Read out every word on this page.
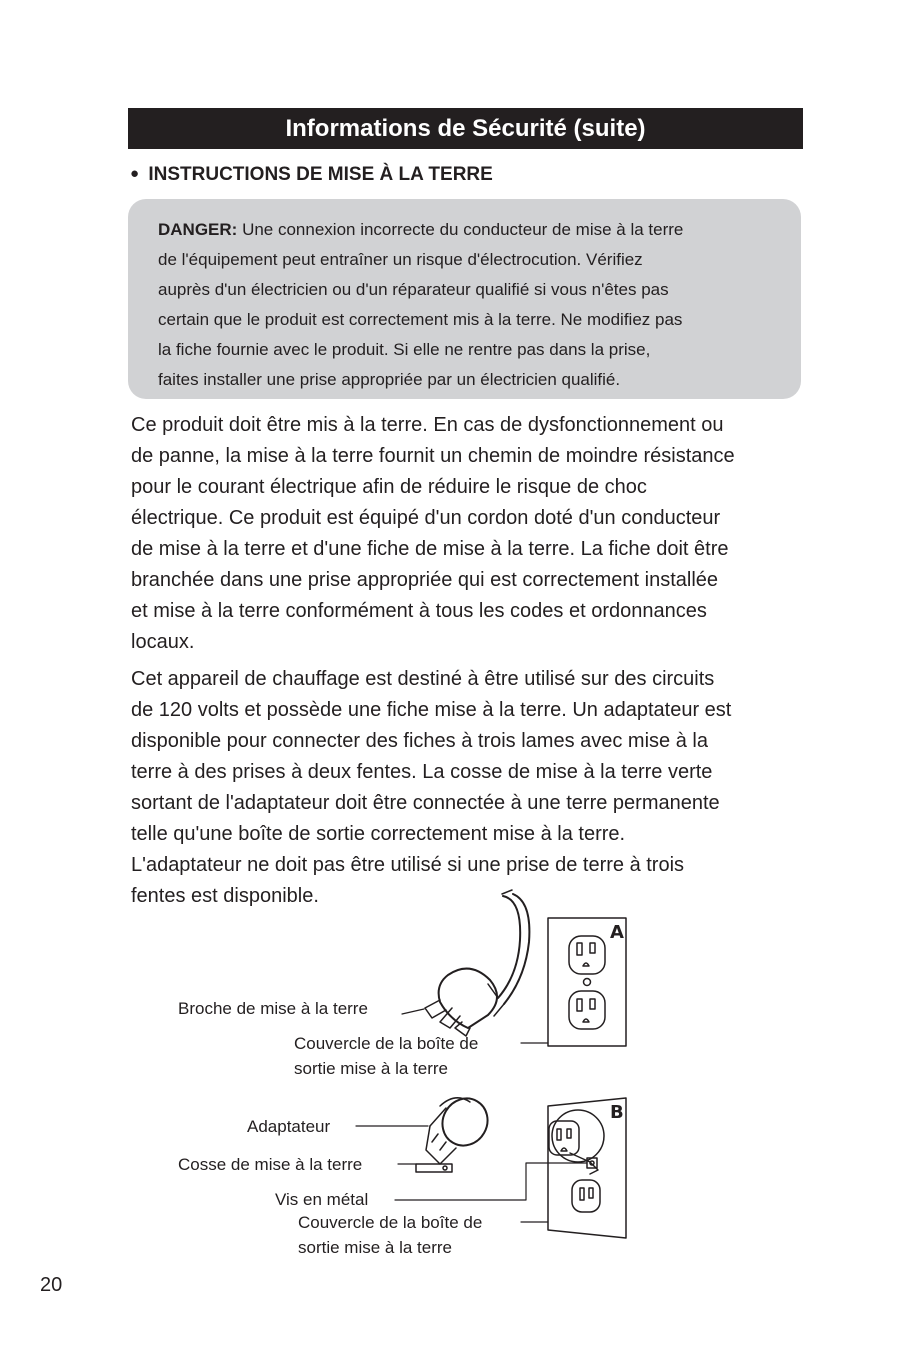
Informations de Sécurité (suite)
● INSTRUCTIONS DE MISE À LA TERRE
DANGER: Une connexion incorrecte du conducteur de mise à la terre
de l'équipement peut entraîner un risque d'électrocution. Vérifiez
auprès d'un électricien ou d'un réparateur qualifié si vous n'êtes pas
certain que le produit est correctement mis à la terre. Ne modifiez pas
la fiche fournie avec le produit. Si elle ne rentre pas dans la prise,
faites installer une prise appropriée par un électricien qualifié.

Ce produit doit être mis à la terre. En cas de dysfonctionnement ou
de panne, la mise à la terre fournit un chemin de moindre résistance
pour le courant électrique afin de réduire le risque de choc
électrique. Ce produit est équipé d'un cordon doté d'un conducteur
de mise à la terre et d'une fiche de mise à la terre. La fiche doit être
branchée dans une prise appropriée qui est correctement installée
et mise à la terre conformément à tous les codes et ordonnances
locaux.

Cet appareil de chauffage est destiné à être utilisé sur des circuits
de 120 volts et possède une fiche mise à la terre. Un adaptateur est
disponible pour connecter des fiches à trois lames avec mise à la
terre à des prises à deux fentes. La cosse de mise à la terre verte
sortant de l'adaptateur doit être connectée à une terre permanente
telle qu'une boîte de sortie correctement mise à la terre.
L'adaptateur ne doit pas être utilisé si une prise de terre à trois
fentes est disponible.

A
B
Broche de mise à la terre
Couvercle de la boîte de
sortie mise à la terre
Adaptateur
Cosse de mise à la terre
Vis en métal
Couvercle de la boîte de
sortie mise à la terre
20
